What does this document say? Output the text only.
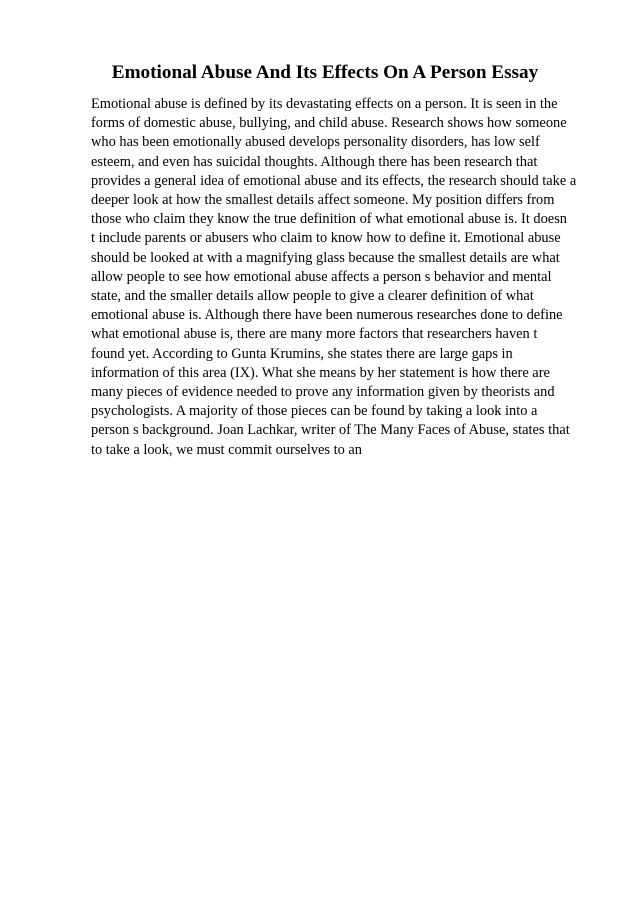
Emotional Abuse And Its Effects On A Person Essay
Emotional abuse is defined by its devastating effects on a person. It is seen in the
forms of domestic abuse, bullying, and child abuse. Research shows how someone
who has been emotionally abused develops personality disorders, has low self
esteem, and even has suicidal thoughts. Although there has been research that
provides a general idea of emotional abuse and its effects, the research should take a
deeper look at how the smallest details affect someone. My position differs from
those who claim they know the true definition of what emotional abuse is. It doesn
t include parents or abusers who claim to know how to define it. Emotional abuse
should be looked at with a magnifying glass because the smallest details are what
allow people to see how emotional abuse affects a person s behavior and mental
state, and the smaller details allow people to give a clearer definition of what
emotional abuse is. Although there have been numerous researches done to define
what emotional abuse is, there are many more factors that researchers haven t
found yet. According to Gunta Krumins, she states there are large gaps in
information of this area (IX). What she means by her statement is how there are
many pieces of evidence needed to prove any information given by theorists and
psychologists. A majority of those pieces can be found by taking a look into a
person s background. Joan Lachkar, writer of The Many Faces of Abuse, states that
to take a look, we must commit ourselves to an
